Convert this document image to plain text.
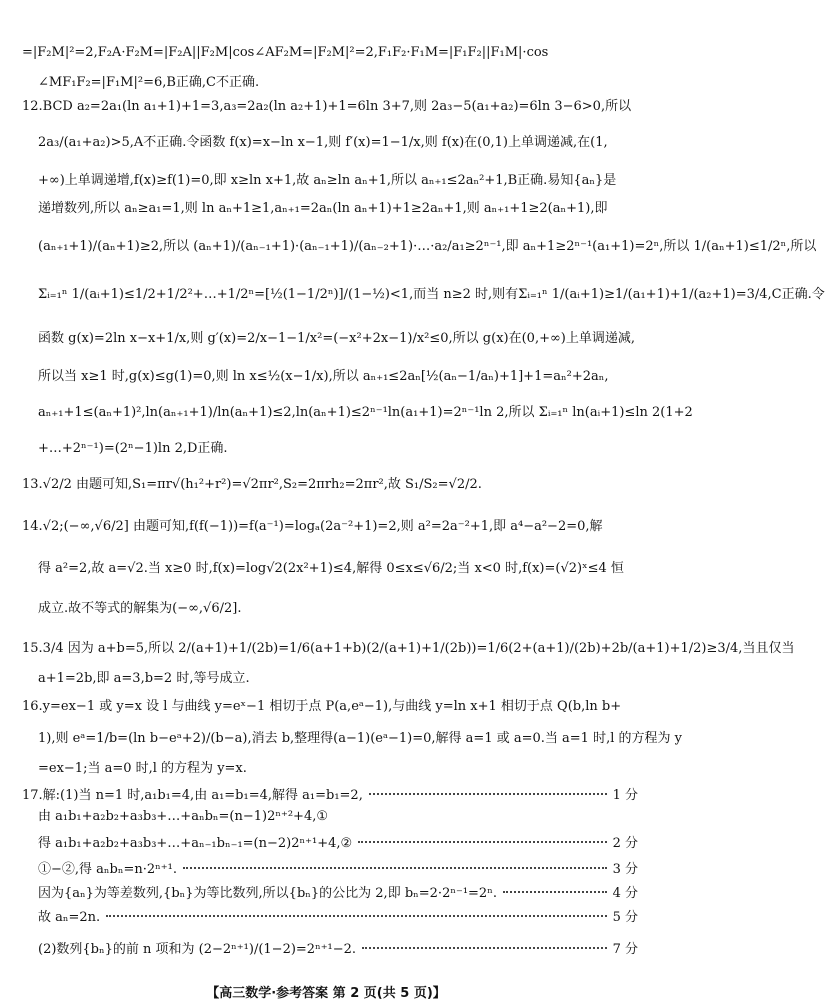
=|F₂M|²=2,F₂A·F₂M=|F₂A||F₂M|cos∠AF₂M=|F₂M|²=2,F₁F₂·F₁M=|F₁F₂||F₁M|·cos
∠MF₁F₂=|F₁M|²=6,B正确,C不正确.
12.BCD a₂=2a₁(ln a₁+1)+1=3,a₃=2a₂(ln a₂+1)+1=6ln 3+7,则 2a₃−5(a₁+a₂)=6ln 3−6>0,所以
2a₃/(a₁+a₂)>5,A不正确.令函数 f(x)=x−ln x−1,则 f′(x)=1−1/x,则 f(x)在(0,1)上单调递减,在(1,
+∞)上单调递增,f(x)≥f(1)=0,即 x≥ln x+1,故 aₙ≥ln aₙ+1,所以 aₙ₊₁≤2aₙ²+1,B正确.易知{aₙ}是
递增数列,所以 aₙ≥a₁=1,则 ln aₙ+1≥1,aₙ₊₁=2aₙ(ln aₙ+1)+1≥2aₙ+1,则 aₙ₊₁+1≥2(aₙ+1),即
(aₙ₊₁+1)/(aₙ+1)≥2,所以 (aₙ+1)/(aₙ₋₁+1)·(aₙ₋₁+1)/(aₙ₋₂+1)·…·a₂/a₁≥2ⁿ⁻¹,即 aₙ+1≥2ⁿ⁻¹(a₁+1)=2ⁿ,所以 1/(aₙ+1)≤1/2ⁿ,所以
Σᵢ₌₁ⁿ 1/(aᵢ+1)≤1/2+1/2²+…+1/2ⁿ=[½(1−1/2ⁿ)]/(1−½)<1,而当 n≥2 时,则有Σᵢ₌₁ⁿ 1/(aᵢ+1)≥1/(a₁+1)+1/(a₂+1)=3/4,C正确.令
函数 g(x)=2ln x−x+1/x,则 g′(x)=2/x−1−1/x²=(−x²+2x−1)/x²≤0,所以 g(x)在(0,+∞)上单调递减,
所以当 x≥1 时,g(x)≤g(1)=0,则 ln x≤½(x−1/x),所以 aₙ₊₁≤2aₙ[½(aₙ−1/aₙ)+1]+1=aₙ²+2aₙ,
aₙ₊₁+1≤(aₙ+1)²,ln(aₙ₊₁+1)/ln(aₙ+1)≤2,ln(aₙ+1)≤2ⁿ⁻¹ln(a₁+1)=2ⁿ⁻¹ln 2,所以 Σᵢ₌₁ⁿ ln(aᵢ+1)≤ln 2(1+2
+…+2ⁿ⁻¹)=(2ⁿ−1)ln 2,D正确.
13.√2/2 由题可知,S₁=πr√(h₁²+r²)=√2πr²,S₂=2πrh₂=2πr²,故 S₁/S₂=√2/2.
14.√2;(−∞,√6/2] 由题可知,f(f(−1))=f(a⁻¹)=logₐ(2a⁻²+1)=2,则 a²=2a⁻²+1,即 a⁴−a²−2=0,解
得 a²=2,故 a=√2.当 x≥0 时,f(x)=log√2(2x²+1)≤4,解得 0≤x≤√6/2;当 x<0 时,f(x)=(√2)ˣ≤4 恒
成立.故不等式的解集为(−∞,√6/2].
15.3/4 因为 a+b=5,所以 2/(a+1)+1/(2b)=1/6(a+1+b)(2/(a+1)+1/(2b))=1/6(2+(a+1)/(2b)+2b/(a+1)+1/2)≥3/4,当且仅当
a+1=2b,即 a=3,b=2 时,等号成立.
16.y=ex−1 或 y=x 设 l 与曲线 y=eˣ−1 相切于点 P(a,eᵃ−1),与曲线 y=ln x+1 相切于点 Q(b,ln b+
1),则 eᵃ=1/b=(ln b−eᵃ+2)/(b−a),消去 b,整理得(a−1)(eᵃ−1)=0,解得 a=1 或 a=0.当 a=1 时,l 的方程为 y
=ex−1;当 a=0 时,l 的方程为 y=x.
17.解:(1)当 n=1 时,a₁b₁=4,由 a₁=b₁=4,解得 a₁=b₁=2,	1 分
由 a₁b₁+a₂b₂+a₃b₃+…+aₙbₙ=(n−1)2ⁿ⁺²+4,①
得 a₁b₁+a₂b₂+a₃b₃+…+aₙ₋₁bₙ₋₁=(n−2)2ⁿ⁺¹+4,②	2 分
①−②,得 aₙbₙ=n·2ⁿ⁺¹.	3 分
因为{aₙ}为等差数列,{bₙ}为等比数列,所以{bₙ}的公比为 2,即 bₙ=2·2ⁿ⁻¹=2ⁿ.	4 分
故 aₙ=2n.	5 分
(2)数列{bₙ}的前 n 项和为 (2−2ⁿ⁺¹)/(1−2)=2ⁿ⁺¹−2.	7 分
【高三数学·参考答案 第 2 页(共 5 页)】
